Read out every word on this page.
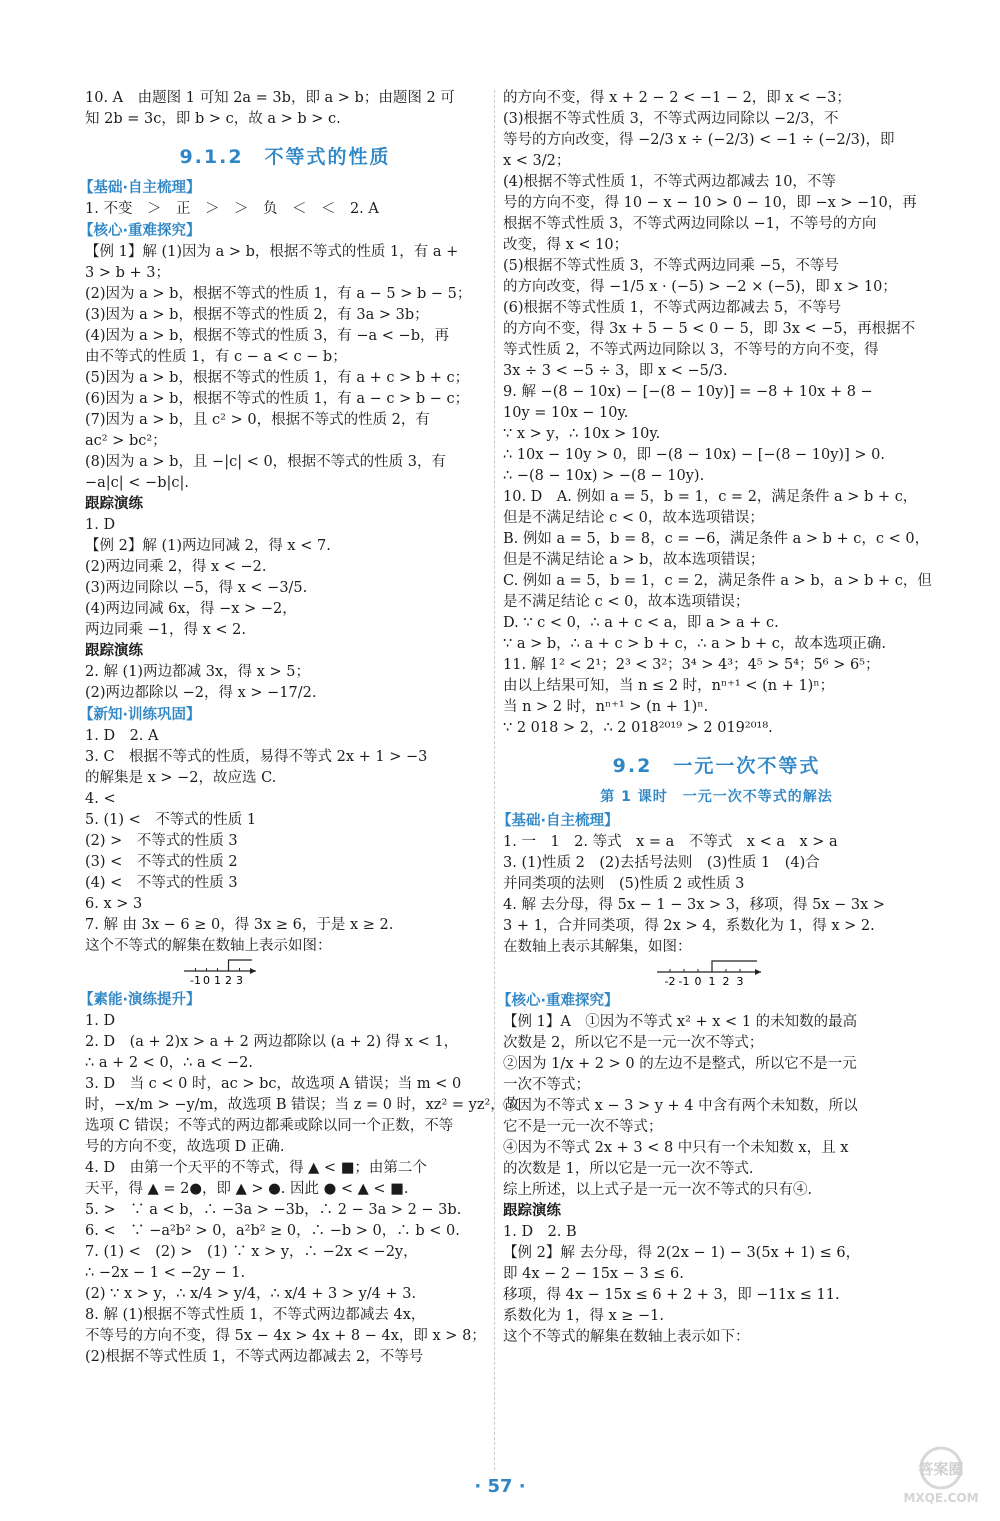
10. A　由题图 1 可知 2a = 3b，即 a > b；由题图 2 可
知 2b = 3c，即 b > c，故 a > b > c.
9.1.2　不等式的性质
【基础·自主梳理】
1. 不变　＞　正　＞　＞　负　＜　＜　2. A
【核心·重难探究】
【例 1】解 (1)因为 a > b，根据不等式的性质 1，有 a +
3 > b + 3；
(2)因为 a > b，根据不等式的性质 1，有 a − 5 > b − 5；
(3)因为 a > b，根据不等式的性质 2，有 3a > 3b；
(4)因为 a > b，根据不等式的性质 3，有 −a < −b，再
由不等式的性质 1，有 c − a < c − b；
(5)因为 a > b，根据不等式的性质 1，有 a + c > b + c；
(6)因为 a > b，根据不等式的性质 1，有 a − c > b − c；
(7)因为 a > b，且 c² > 0，根据不等式的性质 2，有
ac² > bc²；
(8)因为 a > b，且 −|c| < 0，根据不等式的性质 3，有
−a|c| < −b|c|.
跟踪演练
1. D
【例 2】解 (1)两边同减 2，得 x < 7.
(2)两边同乘 2，得 x < −2.
(3)两边同除以 −5，得 x < −3/5.
(4)两边同减 6x，得 −x > −2，
两边同乘 −1，得 x < 2.
跟踪演练
2. 解 (1)两边都减 3x，得 x > 5；
(2)两边都除以 −2，得 x > −17/2.
【新知·训练巩固】
1. D　2. A
3. C　根据不等式的性质，易得不等式 2x + 1 > −3
的解集是 x > −2，故应选 C.
4. <
5. (1) <　不等式的性质 1
(2) >　不等式的性质 3
(3) <　不等式的性质 2
(4) <　不等式的性质 3
6. x > 3
7. 解 由 3x − 6 ≥ 0，得 3x ≥ 6，于是 x ≥ 2.
这个不等式的解集在数轴上表示如图：
-1 0 1 2 3
【素能·演练提升】
1. D
2. D　(a + 2)x > a + 2 两边都除以 (a + 2) 得 x < 1，
∴ a + 2 < 0，∴ a < −2.
3. D　当 c < 0 时，ac > bc，故选项 A 错误；当 m < 0
时，−x/m > −y/m，故选项 B 错误；当 z = 0 时，xz² = yz²，故
选项 C 错误；不等式的两边都乘或除以同一个正数，不等
号的方向不变，故选项 D 正确.
4. D　由第一个天平的不等式，得 ▲ < ■；由第二个
天平，得 ▲ = 2●，即 ▲ > ●. 因此 ● < ▲ < ■.
5. >　∵ a < b，∴ −3a > −3b，∴ 2 − 3a > 2 − 3b.
6. <　∵ −a²b² > 0，a²b² ≥ 0，∴ −b > 0，∴ b < 0.
7. (1) <　(2) >　(1) ∵ x > y，∴ −2x < −2y，
∴ −2x − 1 < −2y − 1.
(2) ∵ x > y，∴ x/4 > y/4，∴ x/4 + 3 > y/4 + 3.
8. 解 (1)根据不等式性质 1，不等式两边都减去 4x，
不等号的方向不变，得 5x − 4x > 4x + 8 − 4x，即 x > 8；
(2)根据不等式性质 1，不等式两边都减去 2，不等号
的方向不变，得 x + 2 − 2 < −1 − 2，即 x < −3；
(3)根据不等式性质 3，不等式两边同除以 −2/3，不
等号的方向改变，得 −2/3 x ÷ (−2/3) < −1 ÷ (−2/3)，即
x < 3/2；
(4)根据不等式性质 1，不等式两边都减去 10，不等
号的方向不变，得 10 − x − 10 > 0 − 10，即 −x > −10，再
根据不等式性质 3，不等式两边同除以 −1，不等号的方向
改变，得 x < 10；
(5)根据不等式性质 3，不等式两边同乘 −5，不等号
的方向改变，得 −1/5 x · (−5) > −2 × (−5)，即 x > 10；
(6)根据不等式性质 1，不等式两边都减去 5，不等号
的方向不变，得 3x + 5 − 5 < 0 − 5，即 3x < −5，再根据不
等式性质 2，不等式两边同除以 3，不等号的方向不变，得
3x ÷ 3 < −5 ÷ 3，即 x < −5/3.
9. 解 −(8 − 10x) − [−(8 − 10y)] = −8 + 10x + 8 −
10y = 10x − 10y.
∵ x > y，∴ 10x > 10y.
∴ 10x − 10y > 0，即 −(8 − 10x) − [−(8 − 10y)] > 0.
∴ −(8 − 10x) > −(8 − 10y).
10. D　A. 例如 a = 5，b = 1，c = 2，满足条件 a > b + c，
但是不满足结论 c < 0，故本选项错误；
B. 例如 a = 5，b = 8，c = −6，满足条件 a > b + c，c < 0，
但是不满足结论 a > b，故本选项错误；
C. 例如 a = 5，b = 1，c = 2，满足条件 a > b，a > b + c，但
是不满足结论 c < 0，故本选项错误；
D. ∵ c < 0，∴ a + c < a，即 a > a + c.
∵ a > b，∴ a + c > b + c，∴ a > b + c，故本选项正确.
11. 解 1² < 2¹；2³ < 3²；3⁴ > 4³；4⁵ > 5⁴；5⁶ > 6⁵；
由以上结果可知，当 n ≤ 2 时，nⁿ⁺¹ < (n + 1)ⁿ；
当 n > 2 时，nⁿ⁺¹ > (n + 1)ⁿ.
∵ 2 018 > 2，∴ 2 018²⁰¹⁹ > 2 019²⁰¹⁸.
9.2　一元一次不等式
第 1 课时　一元一次不等式的解法
【基础·自主梳理】
1. 一　1　2. 等式　x = a　不等式　x < a　x > a
3. (1)性质 2　(2)去括号法则　(3)性质 1　(4)合
并同类项的法则　(5)性质 2 或性质 3
4. 解 去分母，得 5x − 1 − 3x > 3，移项，得 5x − 3x >
3 + 1，合并同类项，得 2x > 4，系数化为 1，得 x > 2.
在数轴上表示其解集，如图：
-2 -1 0 1 2 3
【核心·重难探究】
【例 1】A　①因为不等式 x² + x < 1 的未知数的最高
次数是 2，所以它不是一元一次不等式；
②因为 1/x + 2 > 0 的左边不是整式，所以它不是一元
一次不等式；
③因为不等式 x − 3 > y + 4 中含有两个未知数，所以
它不是一元一次不等式；
④因为不等式 2x + 3 < 8 中只有一个未知数 x，且 x
的次数是 1，所以它是一元一次不等式.
综上所述，以上式子是一元一次不等式的只有④.
跟踪演练
1. D　2. B
【例 2】解 去分母，得 2(2x − 1) − 3(5x + 1) ≤ 6，
即 4x − 2 − 15x − 3 ≤ 6.
移项，得 4x − 15x ≤ 6 + 2 + 3，即 −11x ≤ 11.
系数化为 1，得 x ≥ −1.
这个不等式的解集在数轴上表示如下：
· 57 ·
答案圈
MXQE.COM
